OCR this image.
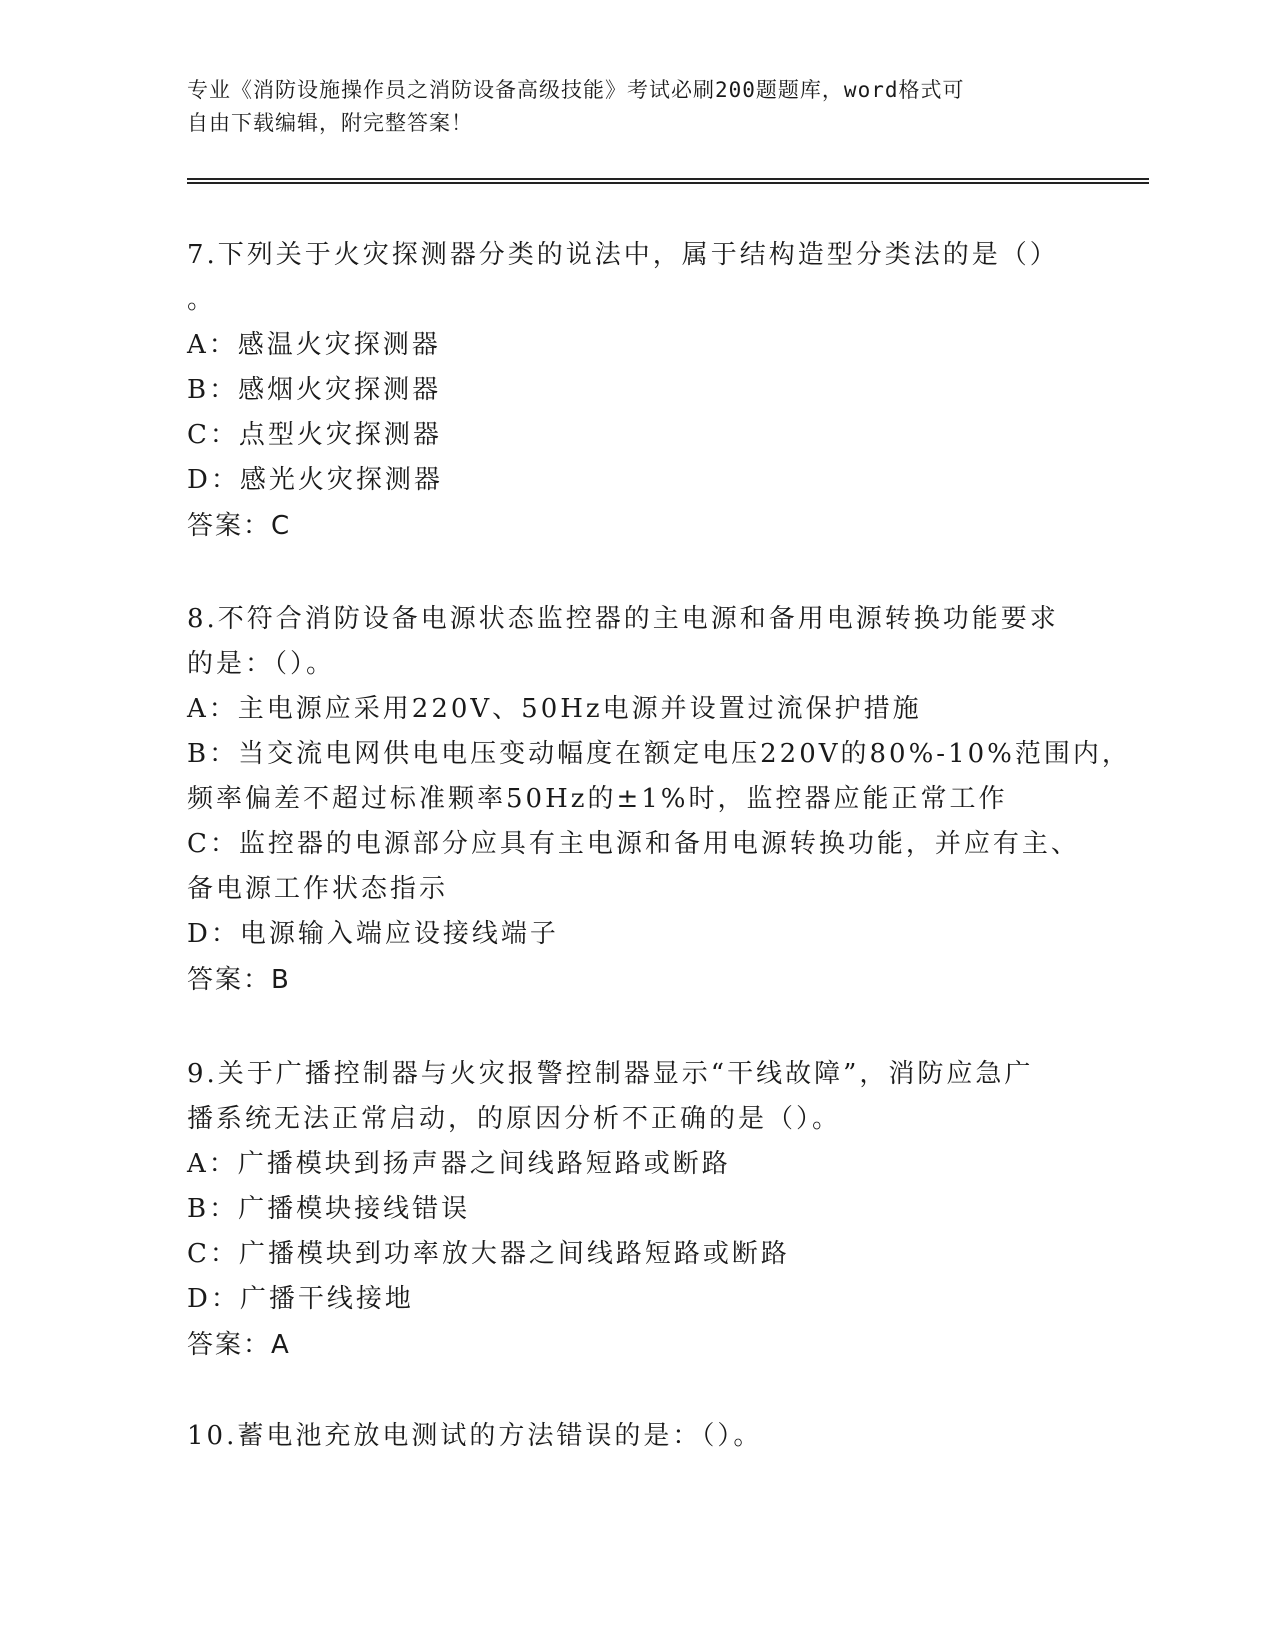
专业《消防设施操作员之消防设备高级技能》考试必刷200题题库，word格式可
自由下载编辑，附完整答案！
7.下列关于火灾探测器分类的说法中，属于结构造型分类法的是（）
。
A：感温火灾探测器
B：感烟火灾探测器
C：点型火灾探测器
D：感光火灾探测器
答案：C
8.不符合消防设备电源状态监控器的主电源和备用电源转换功能要求
的是：（）。
A：主电源应采用220V、50Hz电源并设置过流保护措施
B：当交流电网供电电压变动幅度在额定电压220V的80%-10%范围内，
频率偏差不超过标准颗率50Hz的±1%时，监控器应能正常工作
C：监控器的电源部分应具有主电源和备用电源转换功能，并应有主、
备电源工作状态指示
D：电源输入端应设接线端子
答案：B
9.关于广播控制器与火灾报警控制器显示“干线故障”，消防应急广
播系统无法正常启动，的原因分析不正确的是（）。
A：广播模块到扬声器之间线路短路或断路
B：广播模块接线错误
C：广播模块到功率放大器之间线路短路或断路
D：广播干线接地
答案：A
10.蓄电池充放电测试的方法错误的是：（）。
